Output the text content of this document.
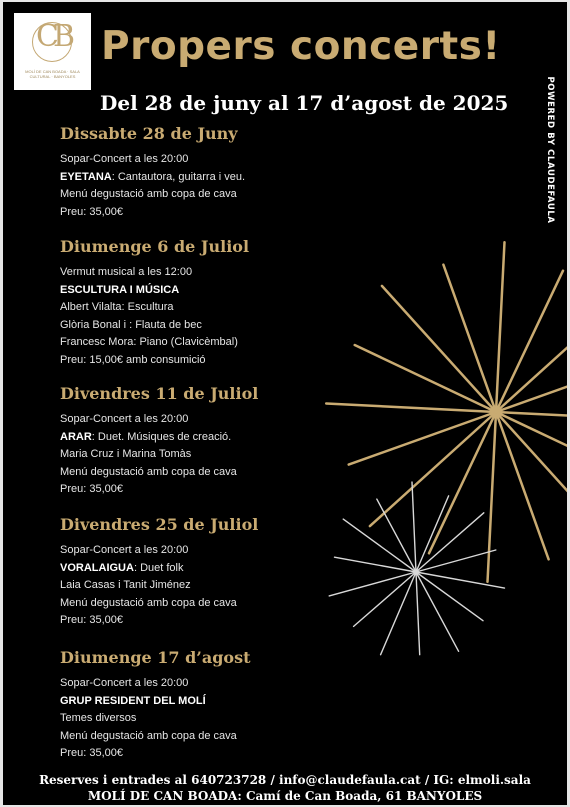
CB
MOLÍ DE CAN BOADA · SALA CULTURAL · BANYOLES
Propers concerts!
Del 28 de juny al 17 d’agost de 2025	POWERED BY CLAUDEFAULA
Dissabte 28 de Juny
Sopar-Concert a les 20:00
EYETANA: Cantautora, guitarra i veu.
Menú degustació amb copa de cava
Preu: 35,00€
Diumenge 6 de Juliol
Vermut musical a les 12:00
ESCULTURA I MÚSICA
Albert Vilalta: Escultura
Glòria Bonal i : Flauta de bec
Francesc Mora: Piano (Clavicèmbal)
Preu: 15,00€ amb consumició
Divendres 11 de Juliol
Sopar-Concert a les 20:00
ARAR: Duet. Músiques de creació.
Maria Cruz i Marina Tomàs
Menú degustació amb copa de cava
Preu: 35,00€
Divendres 25 de Juliol
Sopar-Concert a les 20:00
VORALAIGUA: Duet folk
Laia Casas i Tanit Jiménez
Menú degustació amb copa de cava
Preu: 35,00€
Diumenge 17 d’agost
Sopar-Concert a les 20:00
GRUP RESIDENT DEL MOLÍ
Temes diversos
Menú degustació amb copa de cava
Preu: 35,00€
Reserves i entrades al 640723728 / info@claudefaula.cat / IG: elmoli.sala
MOLÍ DE CAN BOADA: Camí de Can Boada, 61 BANYOLES
